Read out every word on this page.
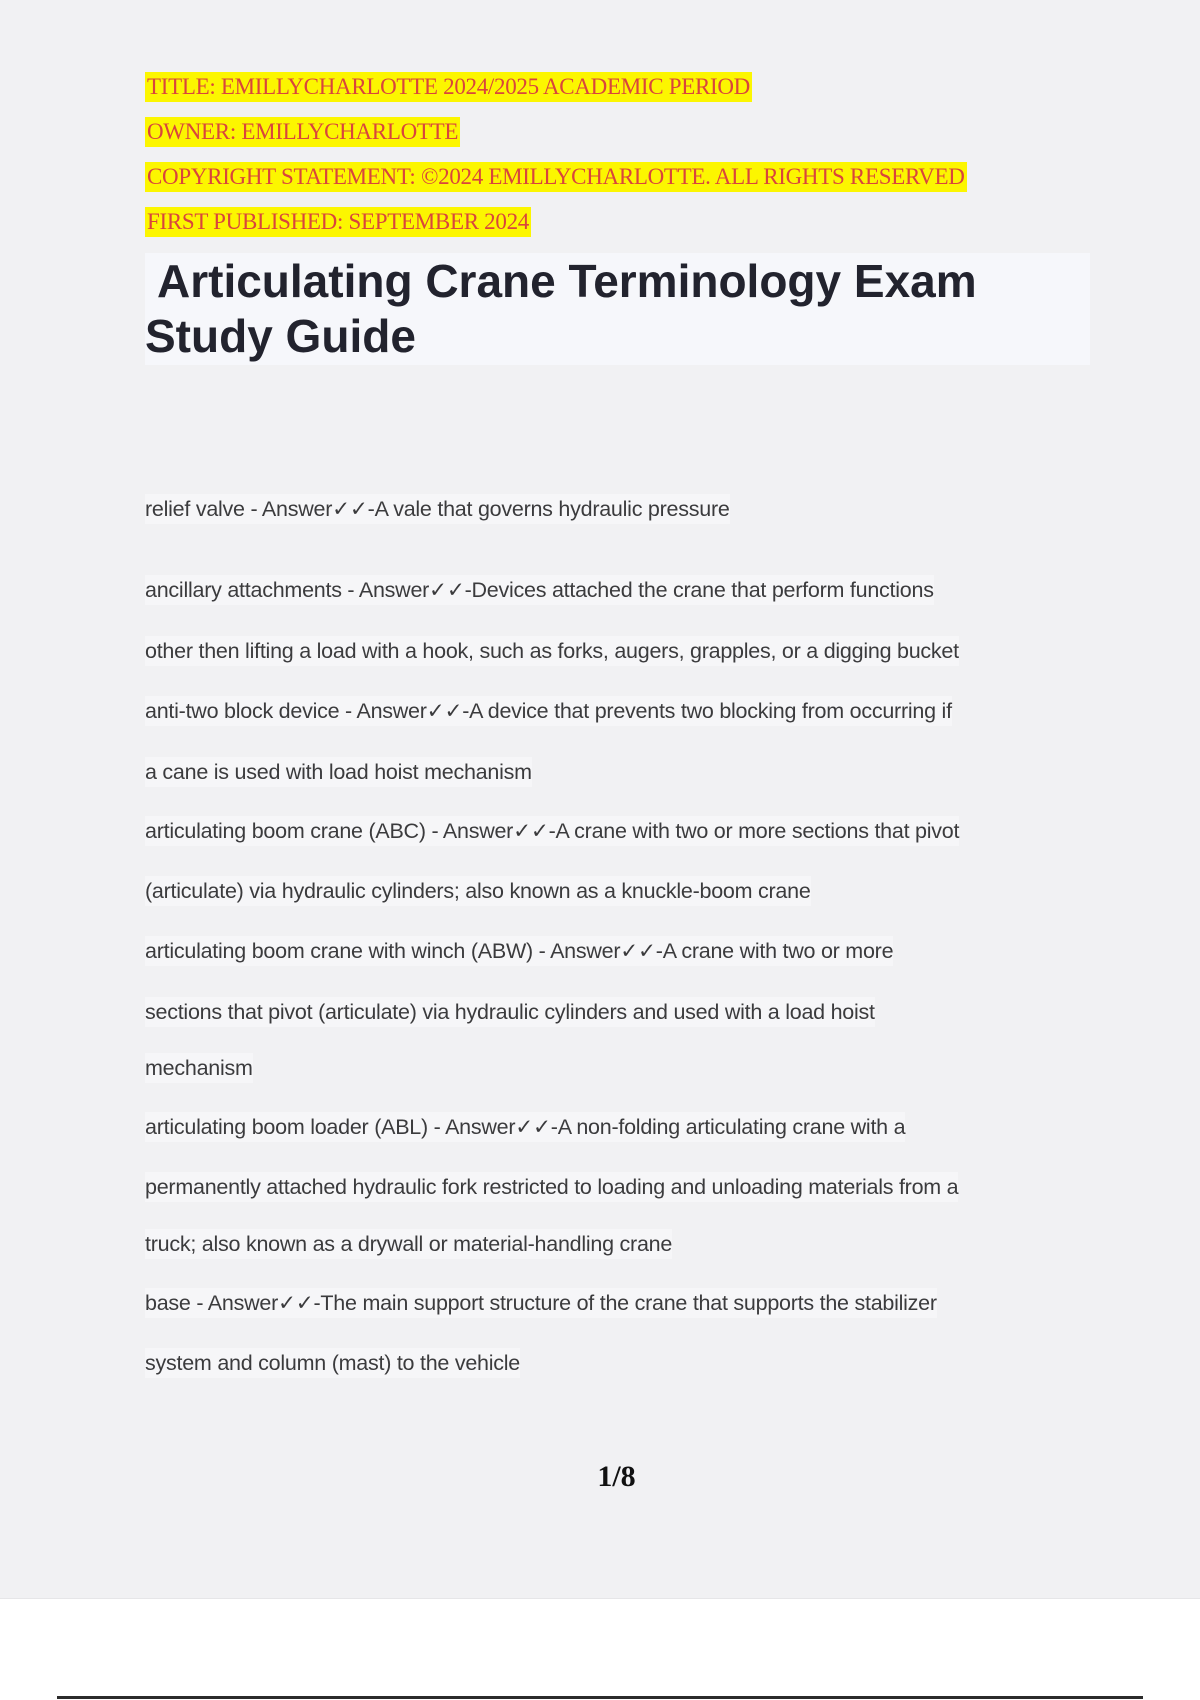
TITLE: EMILLYCHARLOTTE 2024/2025 ACADEMIC PERIOD
OWNER: EMILLYCHARLOTTE
COPYRIGHT STATEMENT: ©2024 EMILLYCHARLOTTE. ALL RIGHTS RESERVED
FIRST PUBLISHED: SEPTEMBER 2024
Articulating Crane Terminology Exam
Study Guide
relief valve - Answer✓✓-A vale that governs hydraulic pressure
ancillary attachments - Answer✓✓-Devices attached the crane that perform functions
other then lifting a load with a hook, such as forks, augers, grapples, or a digging bucket
anti-two block device - Answer✓✓-A device that prevents two blocking from occurring if
a cane is used with load hoist mechanism
articulating boom crane (ABC) - Answer✓✓-A crane with two or more sections that pivot
(articulate) via hydraulic cylinders; also known as a knuckle-boom crane
articulating boom crane with winch (ABW) - Answer✓✓-A crane with two or more
sections that pivot (articulate) via hydraulic cylinders and used with a load hoist
mechanism
articulating boom loader (ABL) - Answer✓✓-A non-folding articulating crane with a
permanently attached hydraulic fork restricted to loading and unloading materials from a
truck; also known as a drywall or material-handling crane
base - Answer✓✓-The main support structure of the crane that supports the stabilizer
system and column (mast) to the vehicle
1/8
